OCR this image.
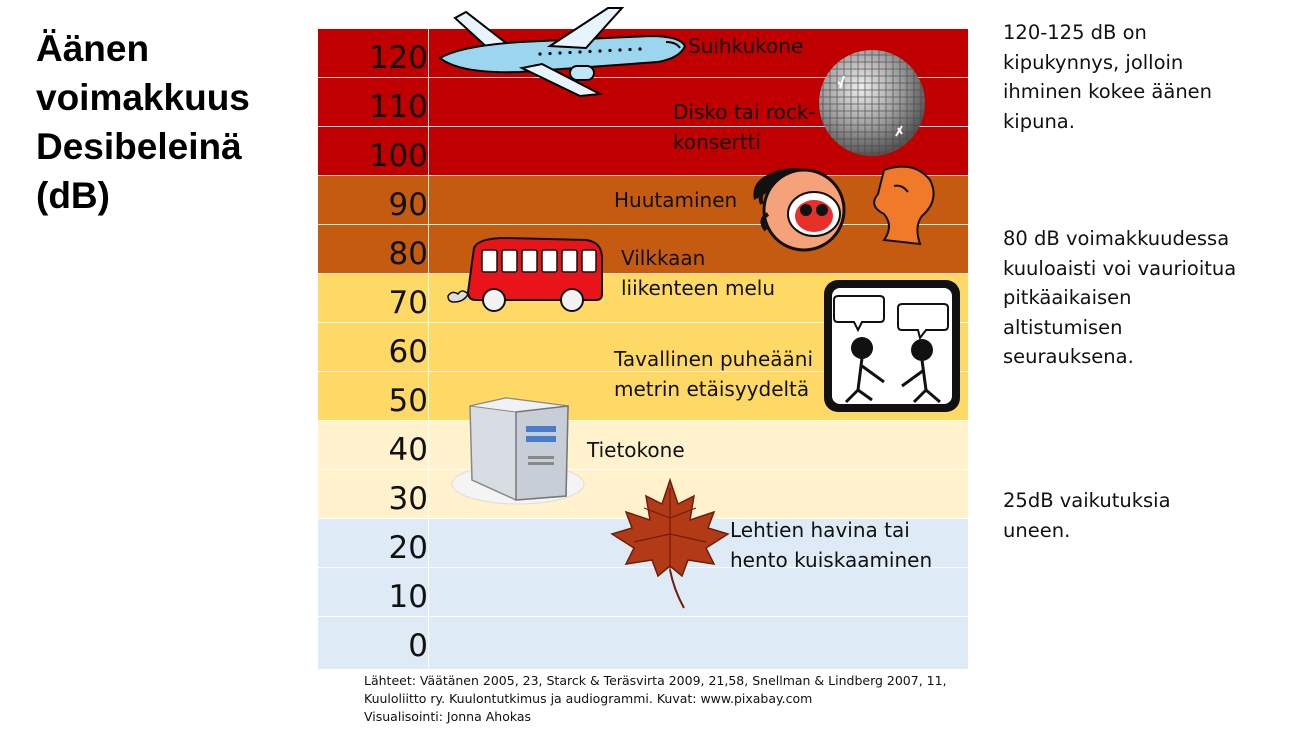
Äänen
voimakkuus
Desibeleinä
(dB)
120
110
100
90
80
70
60
50
40
30
20
10
0
Suihkukone
Disko tai rock-
konsertti
Huutaminen
Vilkkaan
liikenteen melu
Tavallinen puheääni
metrin etäisyydeltä
Tietokone
Lehtien havina tai
hento kuiskaaminen
120-125 dB on
kipukynnys, jolloin
ihminen kokee äänen
kipuna.
80 dB voimakkuudessa
kuuloaisti voi vaurioitua
pitkäaikaisen
altistumisen
seurauksena.
25dB vaikutuksia
uneen.
Lähteet: Väätänen 2005, 23, Starck & Teräsvirta 2009, 21,58, Snellman & Lindberg 2007, 11,
Kuuloliitto ry. Kuulontutkimus ja audiogrammi. Kuvat: www.pixabay.com
Visualisointi: Jonna Ahokas
